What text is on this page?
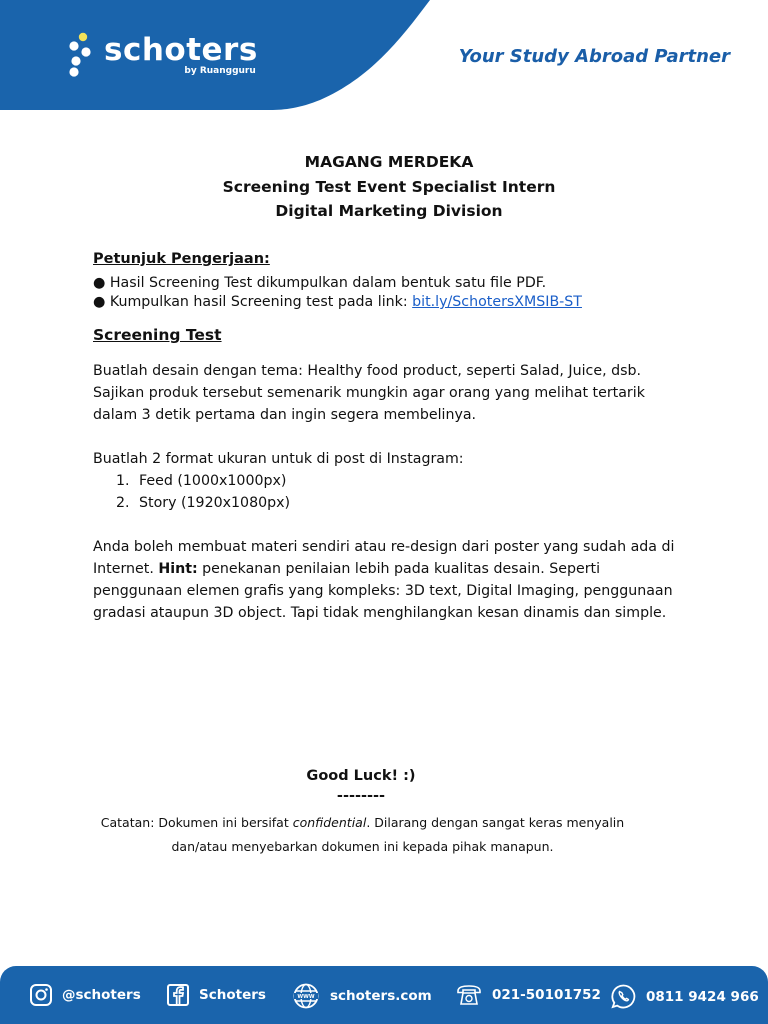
schoters
by Ruangguru
Your Study Abroad Partner
MAGANG MERDEKA
Screening Test Event Specialist Intern
Digital Marketing Division
Petunjuk Pengerjaan:
● Hasil Screening Test dikumpulkan dalam bentuk satu file PDF.
● Kumpulkan hasil Screening test pada link: bit.ly/SchotersXMSIB-ST
Screening Test
Buatlah desain dengan tema: Healthy food product, seperti Salad, Juice, dsb.
Sajikan produk tersebut semenarik mungkin agar orang yang melihat tertarik
dalam 3 detik pertama dan ingin segera membelinya.
Buatlah 2 format ukuran untuk di post di Instagram:
1. Feed (1000x1000px)
2. Story (1920x1080px)
Anda boleh membuat materi sendiri atau re-design dari poster yang sudah ada di
Internet. Hint: penekanan penilaian lebih pada kualitas desain. Seperti
penggunaan elemen grafis yang kompleks: 3D text, Digital Imaging, penggunaan
gradasi ataupun 3D object. Tapi tidak menghilangkan kesan dinamis dan simple.
Good Luck! :)
--------
Catatan: Dokumen ini bersifat confidential. Dilarang dengan sangat keras menyalin
dan/atau menyebarkan dokumen ini kepada pihak manapun.
@schoters	Schoters	WWW schoters.com	021-50101752	0811 9424 966
